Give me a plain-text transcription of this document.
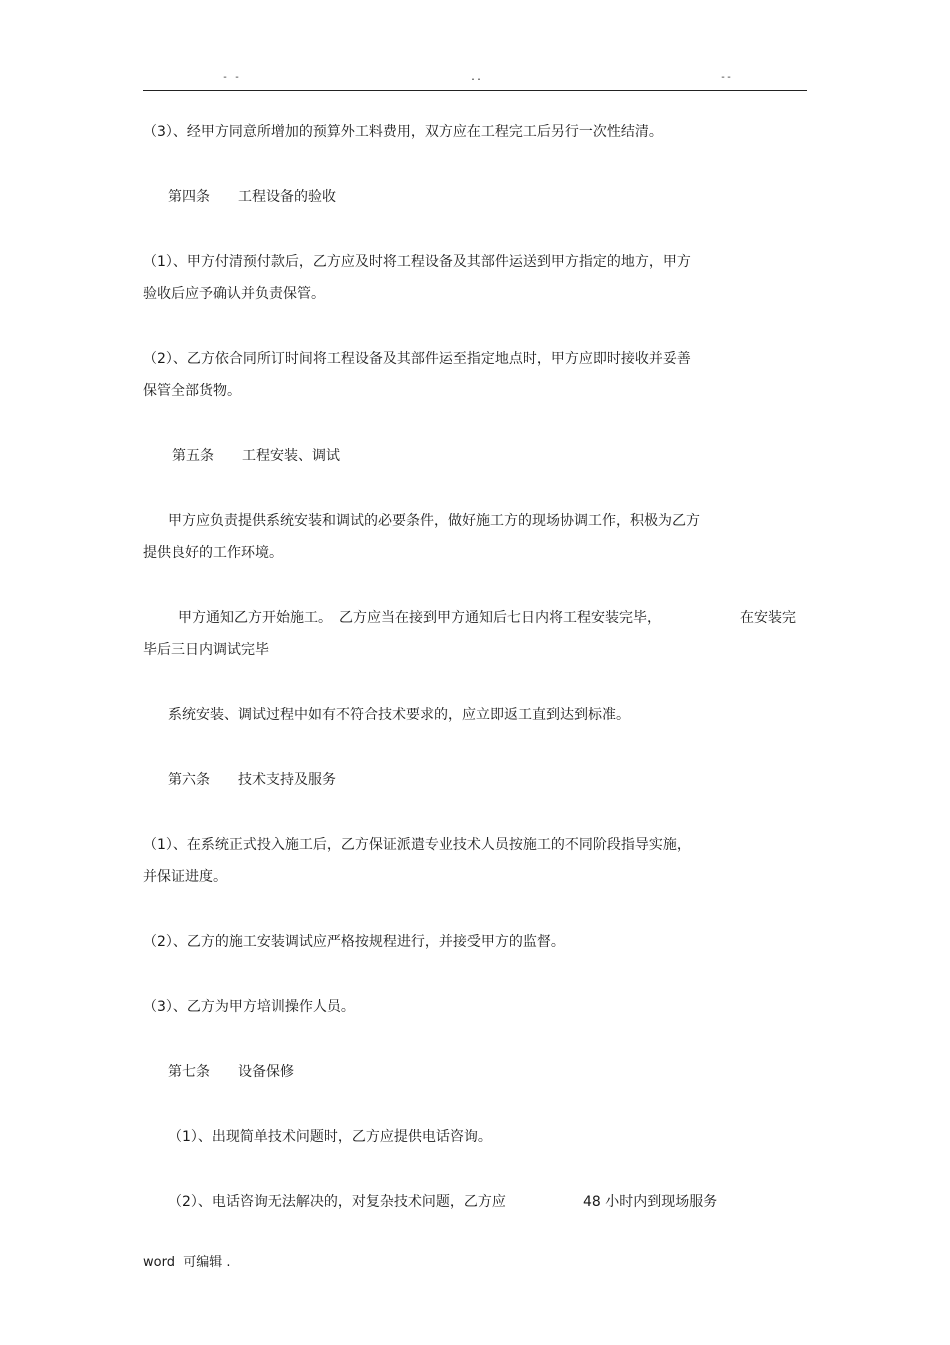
- -	..	--
（3）、经甲方同意所增加的预算外工料费用，双方应在工程完工后另行一次性结清。
第四条　　工程设备的验收
（1）、甲方付清预付款后，乙方应及时将工程设备及其部件运送到甲方指定的地方，甲方
验收后应予确认并负责保管。
（2）、乙方依合同所订时间将工程设备及其部件运至指定地点时，甲方应即时接收并妥善
保管全部货物。
第五条　　工程安装、调试
甲方应负责提供系统安装和调试的必要条件，做好施工方的现场协调工作，积极为乙方
提供良好的工作环境。
甲方通知乙方开始施工。　乙方应当在接到甲方通知后七日内将工程安装完毕，	在安装完
毕后三日内调试完毕
系统安装、调试过程中如有不符合技术要求的，应立即返工直到达到标准。
第六条　　技术支持及服务
（1）、在系统正式投入施工后，乙方保证派遣专业技术人员按施工的不同阶段指导实施，
并保证进度。
（2）、乙方的施工安装调试应严格按规程进行，并接受甲方的监督。
（3）、乙方为甲方培训操作人员。
第七条　　设备保修
（1）、出现简单技术问题时，乙方应提供电话咨询。
（2）、电话咨询无法解决的，对复杂技术问题，乙方应	48 小时内到现场服务
word  可编辑 .
